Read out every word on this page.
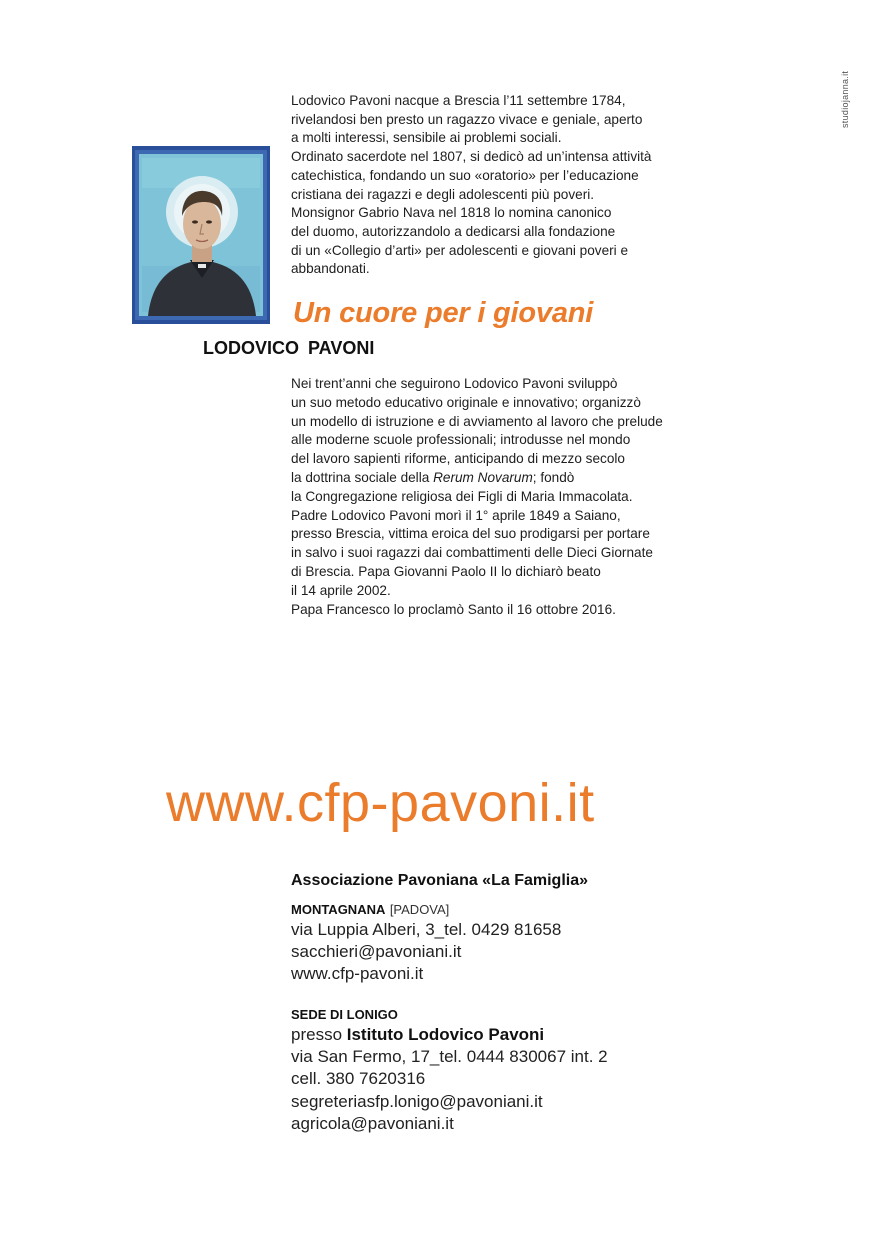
studiojanna.it

Lodovico Pavoni nacque a Brescia l’11 settembre 1784,
rivelandosi ben presto un ragazzo vivace e geniale, aperto
a molti interessi, sensibile ai problemi sociali.
Ordinato sacerdote nel 1807, si dedicò ad un’intensa attività
catechistica, fondando un suo «oratorio» per l’educazione
cristiana dei ragazzi e degli adolescenti più poveri.
Monsignor Gabrio Nava nel 1818 lo nomina canonico
del duomo, autorizzandolo a dedicarsi alla fondazione
di un «Collegio d’arti» per adolescenti e giovani poveri e
abbandonati.

Un cuore per i giovani
LODOVICO PAVONI

Nei trent’anni che seguirono Lodovico Pavoni sviluppò
un suo metodo educativo originale e innovativo; organizzò
un modello di istruzione e di avviamento al lavoro che prelude
alle moderne scuole professionali; introdusse nel mondo
del lavoro sapienti riforme, anticipando di mezzo secolo
la dottrina sociale della Rerum Novarum; fondò
la Congregazione religiosa dei Figli di Maria Immacolata.
Padre Lodovico Pavoni morì il 1° aprile 1849 a Saiano,
presso Brescia, vittima eroica del suo prodigarsi per portare
in salvo i suoi ragazzi dai combattimenti delle Dieci Giornate
di Brescia. Papa Giovanni Paolo II lo dichiarò beato
il 14 aprile 2002.
Papa Francesco lo proclamò Santo il 16 ottobre 2016.

www.cfp-pavoni.it

Associazione Pavoniana «La Famiglia»

MONTAGNANA [PADOVA]
via Luppia Alberi, 3_tel. 0429 81658
sacchieri@pavoniani.it
www.cfp-pavoni.it
SEDE DI LONIGO
presso Istituto Lodovico Pavoni
via San Fermo, 17_tel. 0444 830067 int. 2
cell. 380 7620316
segreteriasfp.lonigo@pavoniani.it
agricola@pavoniani.it
